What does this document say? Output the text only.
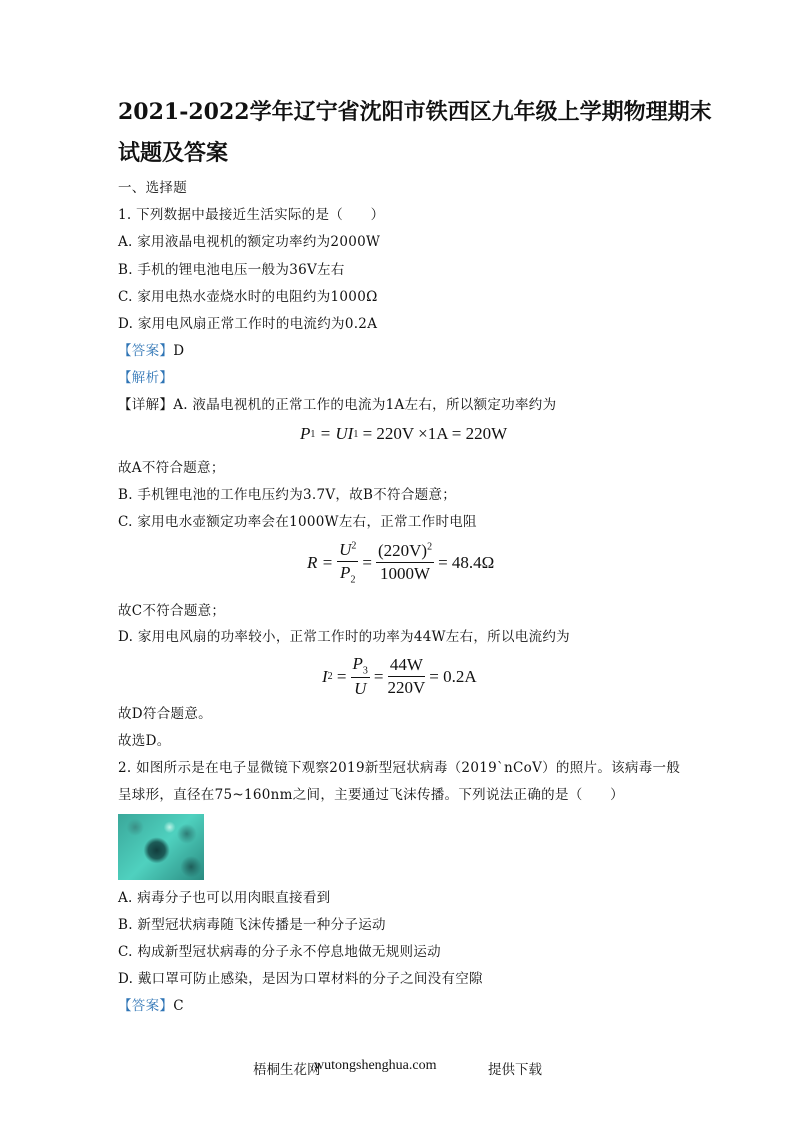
2021-2022学年辽宁省沈阳市铁西区九年级上学期物理期末
试题及答案
一、选择题
1. 下列数据中最接近生活实际的是（　　）
A. 家用液晶电视机的额定功率约为2000W
B. 手机的锂电池电压一般为36V左右
C. 家用电热水壶烧水时的电阻约为1000Ω
D. 家用电风扇正常工作时的电流约为0.2A
【答案】D
【解析】
【详解】A. 液晶电视机的正常工作的电流为1A左右，所以额定功率约为
P 1
= UI 1
= 220V ×1A = 220W
故A不符合题意；
B. 手机锂电池的工作电压约为3.7V，故B不符合题意；
C. 家用电水壶额定功率会在1000W左右，正常工作时电阻
$R = \frac{U^2}{P_2} = \frac{(220V)^2}{1000W} = 48.4\Omega$
故C不符合题意；
D. 家用电风扇的功率较小，正常工作时的功率为44W左右，所以电流约为
I 2
= $\frac{P_3}{U} = \frac{44W}{220V} = 0.2A$
故D符合题意。
故选D。
2. 如图所示是在电子显微镜下观察2019新型冠状病毒（2019`nCoV）的照片。该病毒一般
呈球形，直径在75~160nm之间，主要通过飞沫传播。下列说法正确的是（　　）
A. 病毒分子也可以用肉眼直接看到
B. 新型冠状病毒随飞沫传播是一种分子运动
C. 构成新型冠状病毒的分子永不停息地做无规则运动
D. 戴口罩可防止感染，是因为口罩材料的分子之间没有空隙
【答案】C
梧桐生花网
wutongshenghua.com	提供下载
